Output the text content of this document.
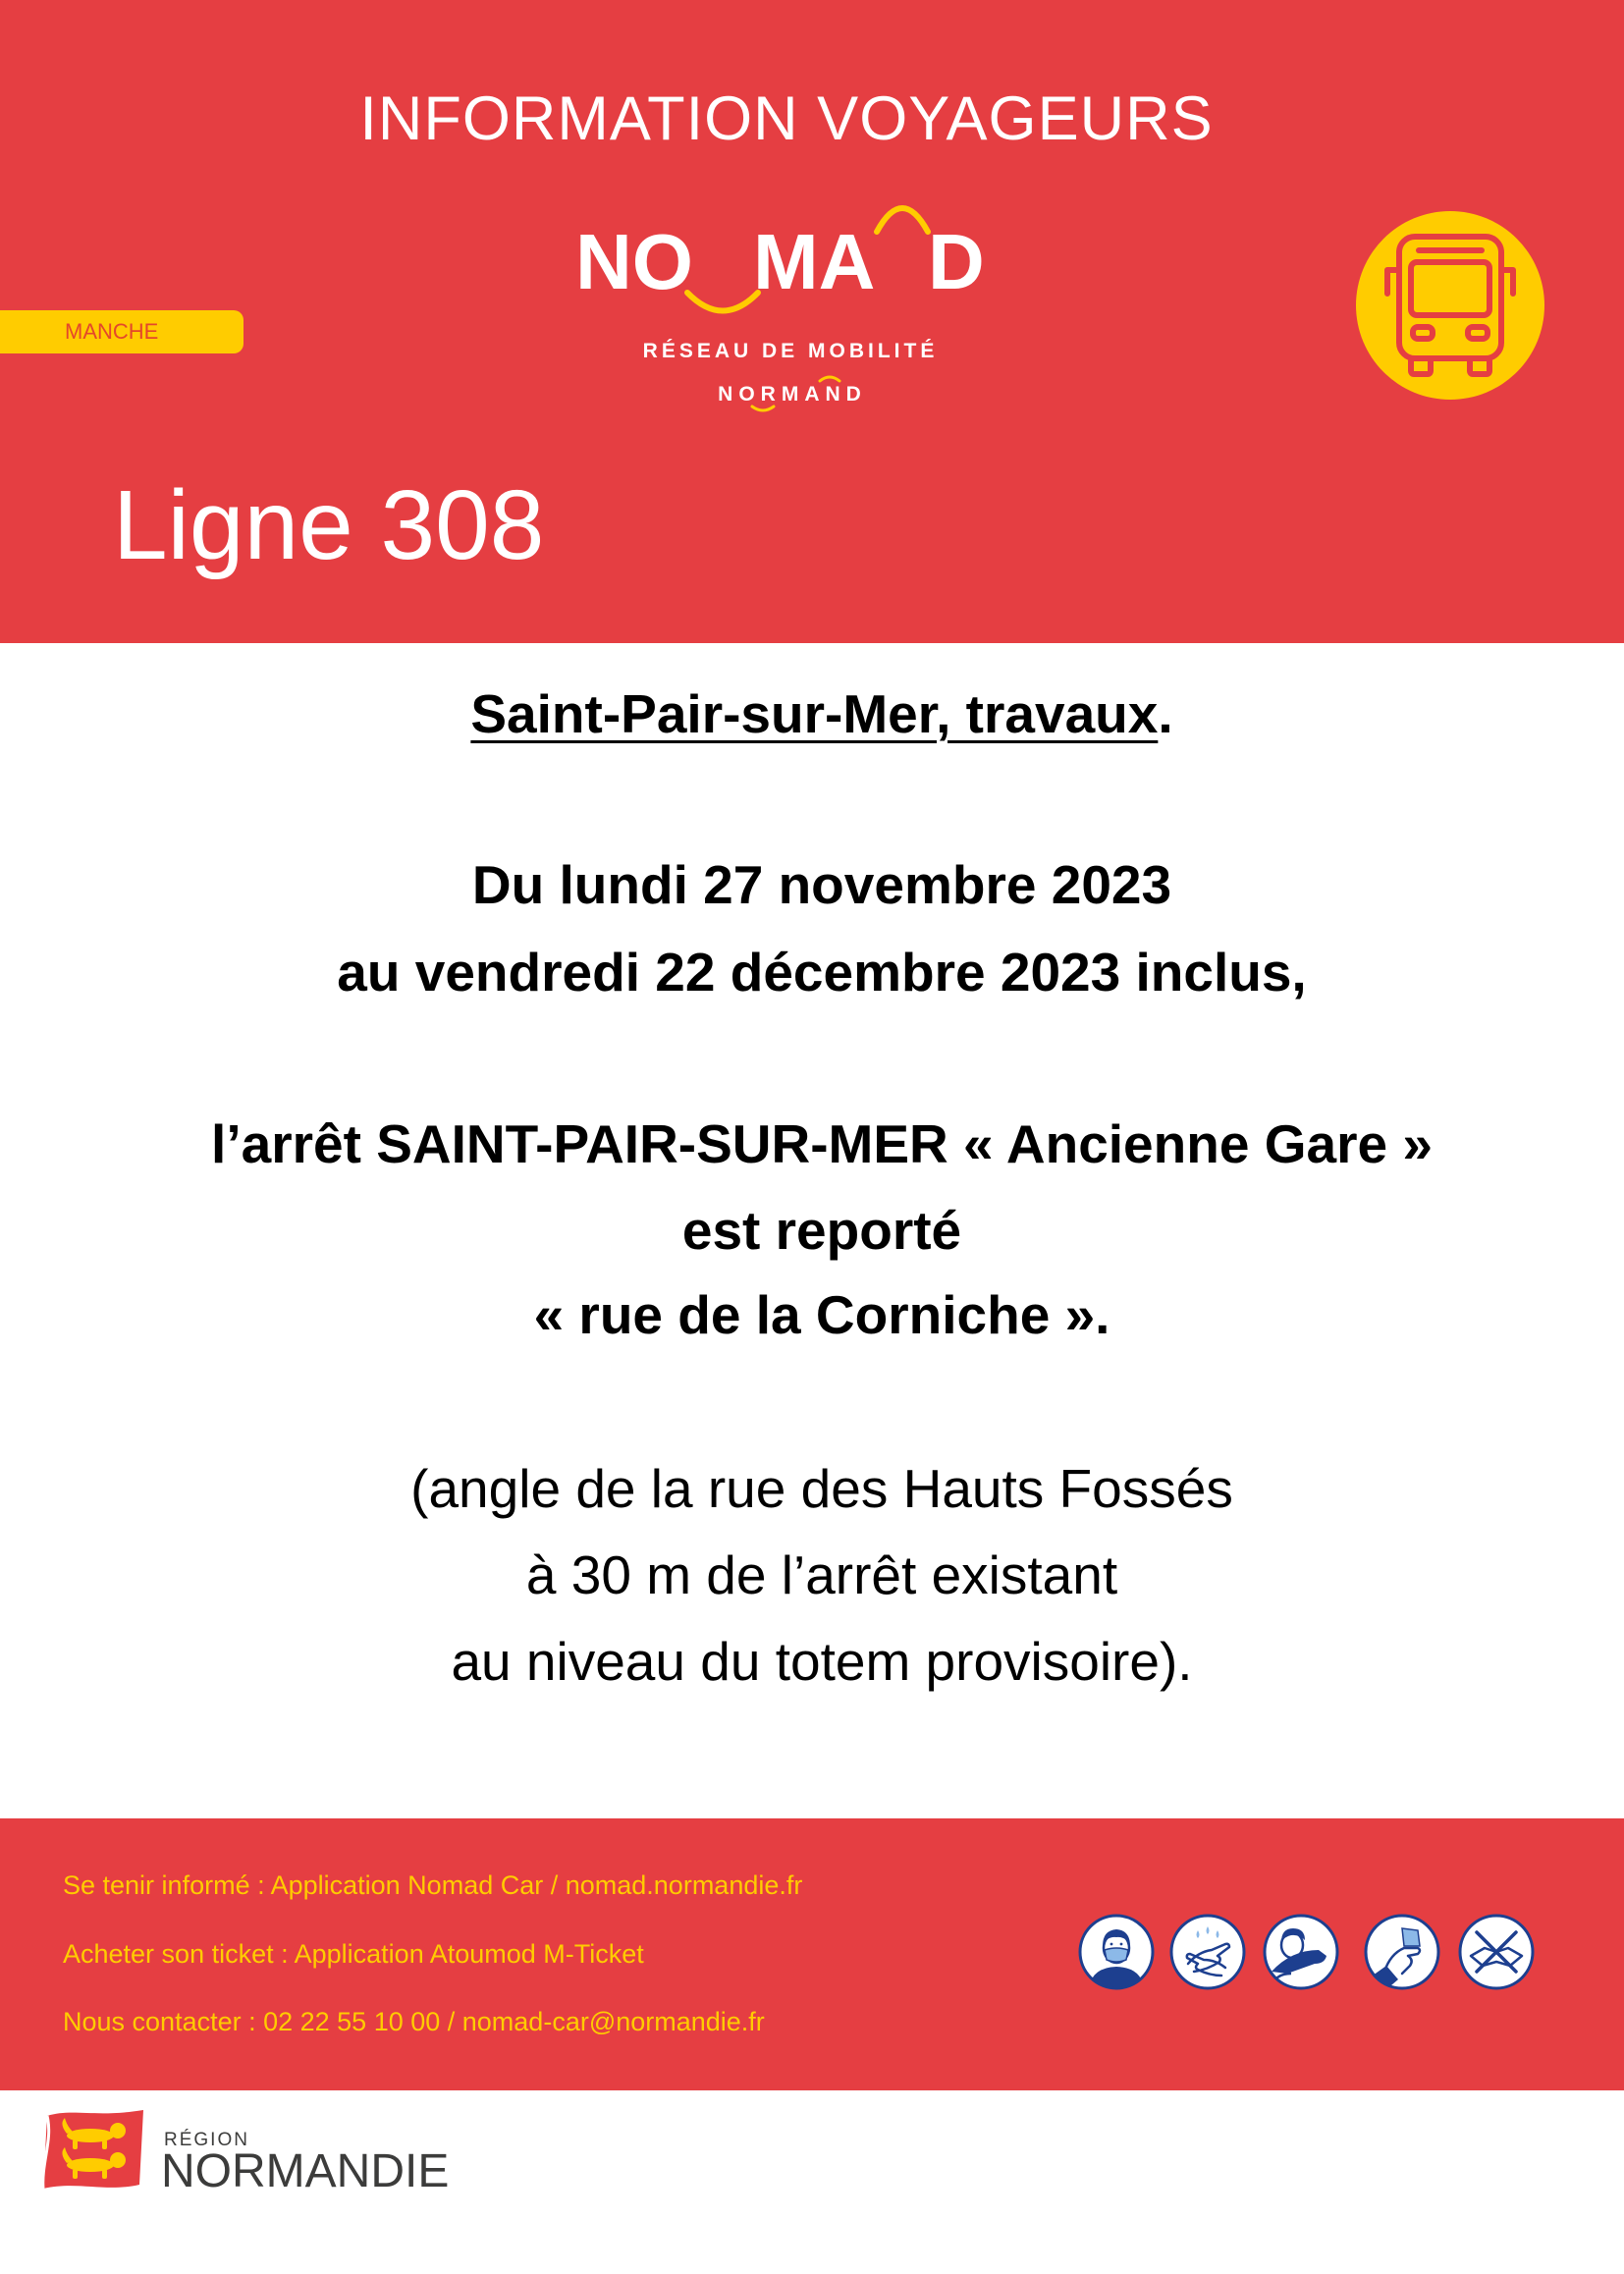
INFORMATION VOYAGEURS
NO MA D
RÉSEAU DE MOBILITÉ
NORMAND
MANCHE
Ligne 308
Saint-Pair-sur-Mer, travaux.
Du lundi 27 novembre 2023
au vendredi 22 décembre 2023 inclus,
l’arrêt SAINT-PAIR-SUR-MER « Ancienne Gare »
est reporté
« rue de la Corniche ».
(angle de la rue des Hauts Fossés
à 30 m de l’arrêt existant
au niveau du totem provisoire).
Se tenir informé : Application Nomad Car / nomad.normandie.fr
Acheter son ticket : Application Atoumod M-Ticket
Nous contacter : 02 22 55 10 00 / nomad-car@normandie.fr
RÉGION
NORMANDIE
